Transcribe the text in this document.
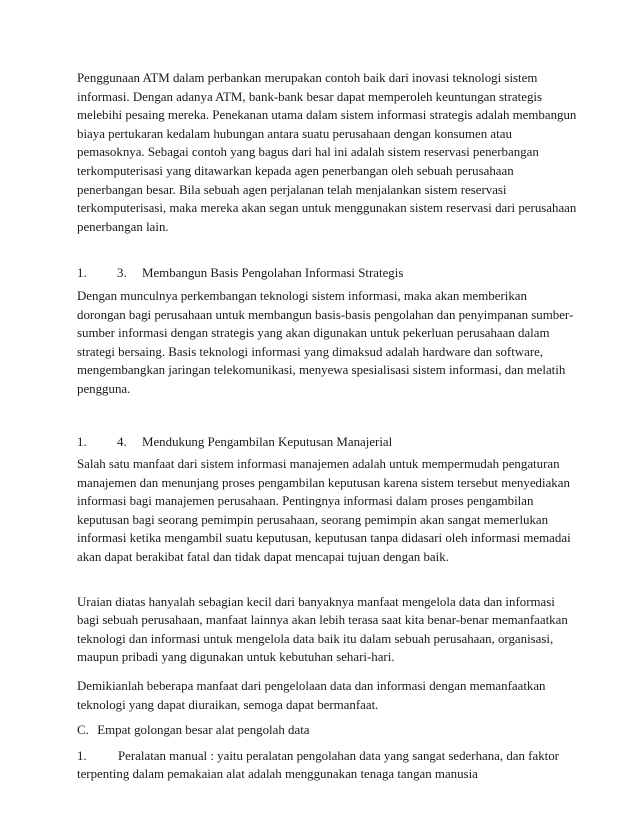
Penggunaan ATM dalam perbankan merupakan contoh baik dari inovasi teknologi sistem informasi. Dengan adanya ATM, bank-bank besar dapat memperoleh keuntungan strategis melebihi pesaing mereka. Penekanan utama dalam sistem informasi strategis adalah membangun biaya pertukaran kedalam hubungan antara suatu perusahaan dengan konsumen atau pemasoknya. Sebagai contoh yang bagus dari hal ini adalah sistem reservasi penerbangan terkomputerisasi yang ditawarkan kepada agen penerbangan oleh sebuah perusahaan penerbangan besar. Bila sebuah agen perjalanan telah menjalankan sistem reservasi terkomputerisasi, maka mereka akan segan untuk menggunakan sistem reservasi dari perusahaan penerbangan lain.

1.	3.	Membangun Basis Pengolahan Informasi Strategis

Dengan munculnya perkembangan teknologi sistem informasi, maka akan memberikan dorongan bagi perusahaan untuk membangun basis-basis pengolahan dan penyimpanan sumber-sumber informasi dengan strategis yang akan digunakan untuk pekerluan perusahaan dalam strategi bersaing. Basis teknologi informasi yang dimaksud adalah hardware dan software, mengembangkan jaringan telekomunikasi, menyewa spesialisasi sistem informasi, dan melatih pengguna.

1.	4.	Mendukung Pengambilan Keputusan Manajerial

Salah satu manfaat dari sistem informasi manajemen adalah untuk mempermudah pengaturan manajemen dan menunjang proses pengambilan keputusan karena sistem tersebut menyediakan informasi bagi manajemen perusahaan. Pentingnya informasi dalam proses pengambilan keputusan bagi seorang pemimpin perusahaan, seorang pemimpin akan sangat memerlukan informasi ketika mengambil suatu keputusan, keputusan tanpa didasari oleh informasi memadai akan dapat berakibat fatal dan tidak dapat mencapai tujuan dengan baik.

Uraian diatas hanyalah sebagian kecil dari banyaknya manfaat mengelola data dan informasi bagi sebuah perusahaan, manfaat lainnya akan lebih terasa saat kita benar-benar memanfaatkan teknologi dan informasi untuk mengelola data baik itu dalam sebuah perusahaan, organisasi, maupun pribadi yang digunakan untuk kebutuhan sehari-hari.

Demikianlah beberapa manfaat dari pengelolaan data dan informasi dengan memanfaatkan teknologi yang dapat diuraikan, semoga dapat bermanfaat.

C. Empat golongan besar alat pengolah data

1. Peralatan manual : yaitu peralatan pengolahan data yang sangat sederhana, dan faktor terpenting dalam pemakaian alat adalah menggunakan tenaga tangan manusia
